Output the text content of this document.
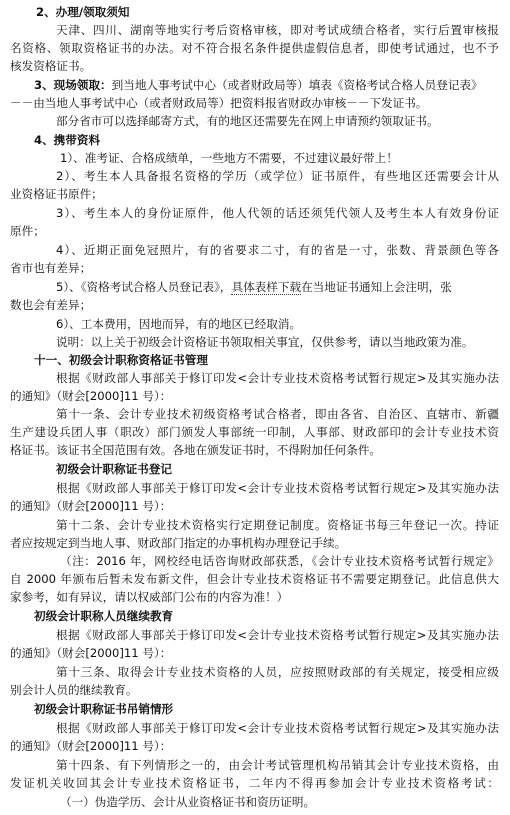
2、办理/领取须知
天津、四川、湖南等地实行考后资格审核，即对考试成绩合格者，实行后置审核报
名资格、领取资格证书的办法。对不符合报名条件提供虚假信息者，即使考试通过，也不予
核发资格证书。
3、现场领取：到当地人事考试中心（或者财政局等）填表《资格考试合格人员登记表》
－－由当地人事考试中心（或者财政局等）把资料报省财政办审核－－下发证书。
部分省市可以选择邮寄方式，有的地区还需要先在网上申请预约领取证书。
4、携带资料
1）、准考证、合格成绩单，一些地方不需要，不过建议最好带上！
2）、考生本人具备报名资格的学历（或学位）证书原件，有些地区还需要会计从
业资格证书原件；
3）、考生本人的身份证原件，他人代领的话还须凭代领人及考生本人有效身份证
原件；
4）、近期正面免冠照片，有的省要求二寸，有的省是一寸，张数、背景颜色等各
省市也有差异；
5）、《资格考试合格人员登记表》，具体表样下载在当地证书通知上会注明，张
数也会有差异；
6）、工本费用，因地而异，有的地区已经取消。
说明：以上关于初级会计资格证书领取相关事宜，仅供参考，请以当地政策为准。
十一、初级会计职称资格证书管理
根据《财政部人事部关于修订印发<会计专业技术资格考试暂行规定>及其实施办法
的通知》（财会[2000]11 号）：
第十一条、会计专业技术初级资格考试合格者，即由各省、自治区、直辖市、新疆
生产建设兵团人事（职改）部门颁发人事部统一印制，人事部、财政部印的会计专业技术资
格证书。该证书全国范围有效。各地在颁发证书时，不得附加任何条件。
初级会计职称证书登记
根据《财政部人事部关于修订印发<会计专业技术资格考试暂行规定>及其实施办法
的通知》（财会[2000]11 号）：
第十二条、会计专业技术资格实行定期登记制度。资格证书每三年登记一次。持证
者应按规定到当地人事、财政部门指定的办事机构办理登记手续。
（注：2016 年，网校经电话咨询财政部获悉，《会计专业技术资格考试暂行规定》
自 2000 年颁布后暂未发布新文件，但会计专业技术资格证书不需要定期登记。此信息供大
家参考，如有异议，请以权威部门公布的内容为准！）
初级会计职称人员继续教育
根据《财政部人事部关于修订印发<会计专业技术资格考试暂行规定>及其实施办法
的通知》（财会[2000]11 号）：
第十三条、取得会计专业技术资格的人员，应按照财政部的有关规定，接受相应级
别会计人员的继续教育。
初级会计职称证书吊销情形
根据《财政部人事部关于修订印发<会计专业技术资格考试暂行规定>及其实施办法
的通知》（财会[2000]11 号）：
第十四条、有下列情形之一的，由会计考试管理机构吊销其会计专业技术资格，由
发证机关收回其会计专业技术资格证书，二年内不得再参加会计专业技术资格考试：
（一）伪造学历、会计从业资格证书和资历证明。
